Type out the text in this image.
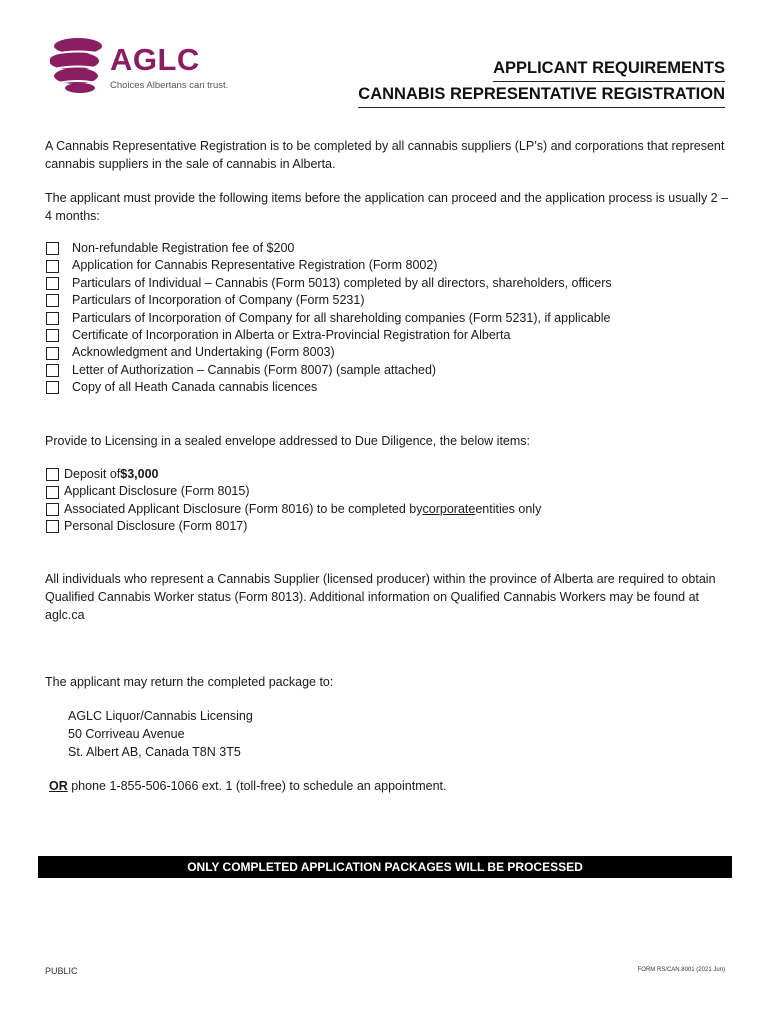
AGLC
Choices Albertans can trust.
APPLICANT REQUIREMENTS
CANNABIS REPRESENTATIVE REGISTRATION
A Cannabis Representative Registration is to be completed by all cannabis suppliers (LP’s) and corporations that represent cannabis suppliers in the sale of cannabis in Alberta.
The applicant must provide the following items before the application can proceed and the application process is usually 2 – 4 months:
Non-refundable Registration fee of $200
Application for Cannabis Representative Registration (Form 8002)
Particulars of Individual – Cannabis (Form 5013) completed by all directors, shareholders, officers
Particulars of Incorporation of Company (Form 5231)
Particulars of Incorporation of Company for all shareholding companies (Form 5231), if applicable
Certificate of Incorporation in Alberta or Extra-Provincial Registration for Alberta
Acknowledgment and Undertaking (Form 8003)
Letter of Authorization – Cannabis (Form 8007) (sample attached)
Copy of all Heath Canada cannabis licences
Provide to Licensing in a sealed envelope addressed to Due Diligence, the below items:
Deposit of $3,000
Applicant Disclosure (Form 8015)
Associated Applicant Disclosure (Form 8016) to be completed by corporate entities only
Personal Disclosure (Form 8017)
All individuals who represent a Cannabis Supplier (licensed producer) within the province of Alberta are required to obtain Qualified Cannabis Worker status (Form 8013). Additional information on Qualified Cannabis Workers may be found at aglc.ca
The applicant may return the completed package to:
AGLC Liquor/Cannabis Licensing
50 Corriveau Avenue
St. Albert AB, Canada T8N 3T5
OR phone 1-855-506-1066 ext. 1 (toll-free) to schedule an appointment.
ONLY COMPLETED APPLICATION PACKAGES WILL BE PROCESSED
PUBLIC	FORM RS/CAN 8001 (2021 Jun)
